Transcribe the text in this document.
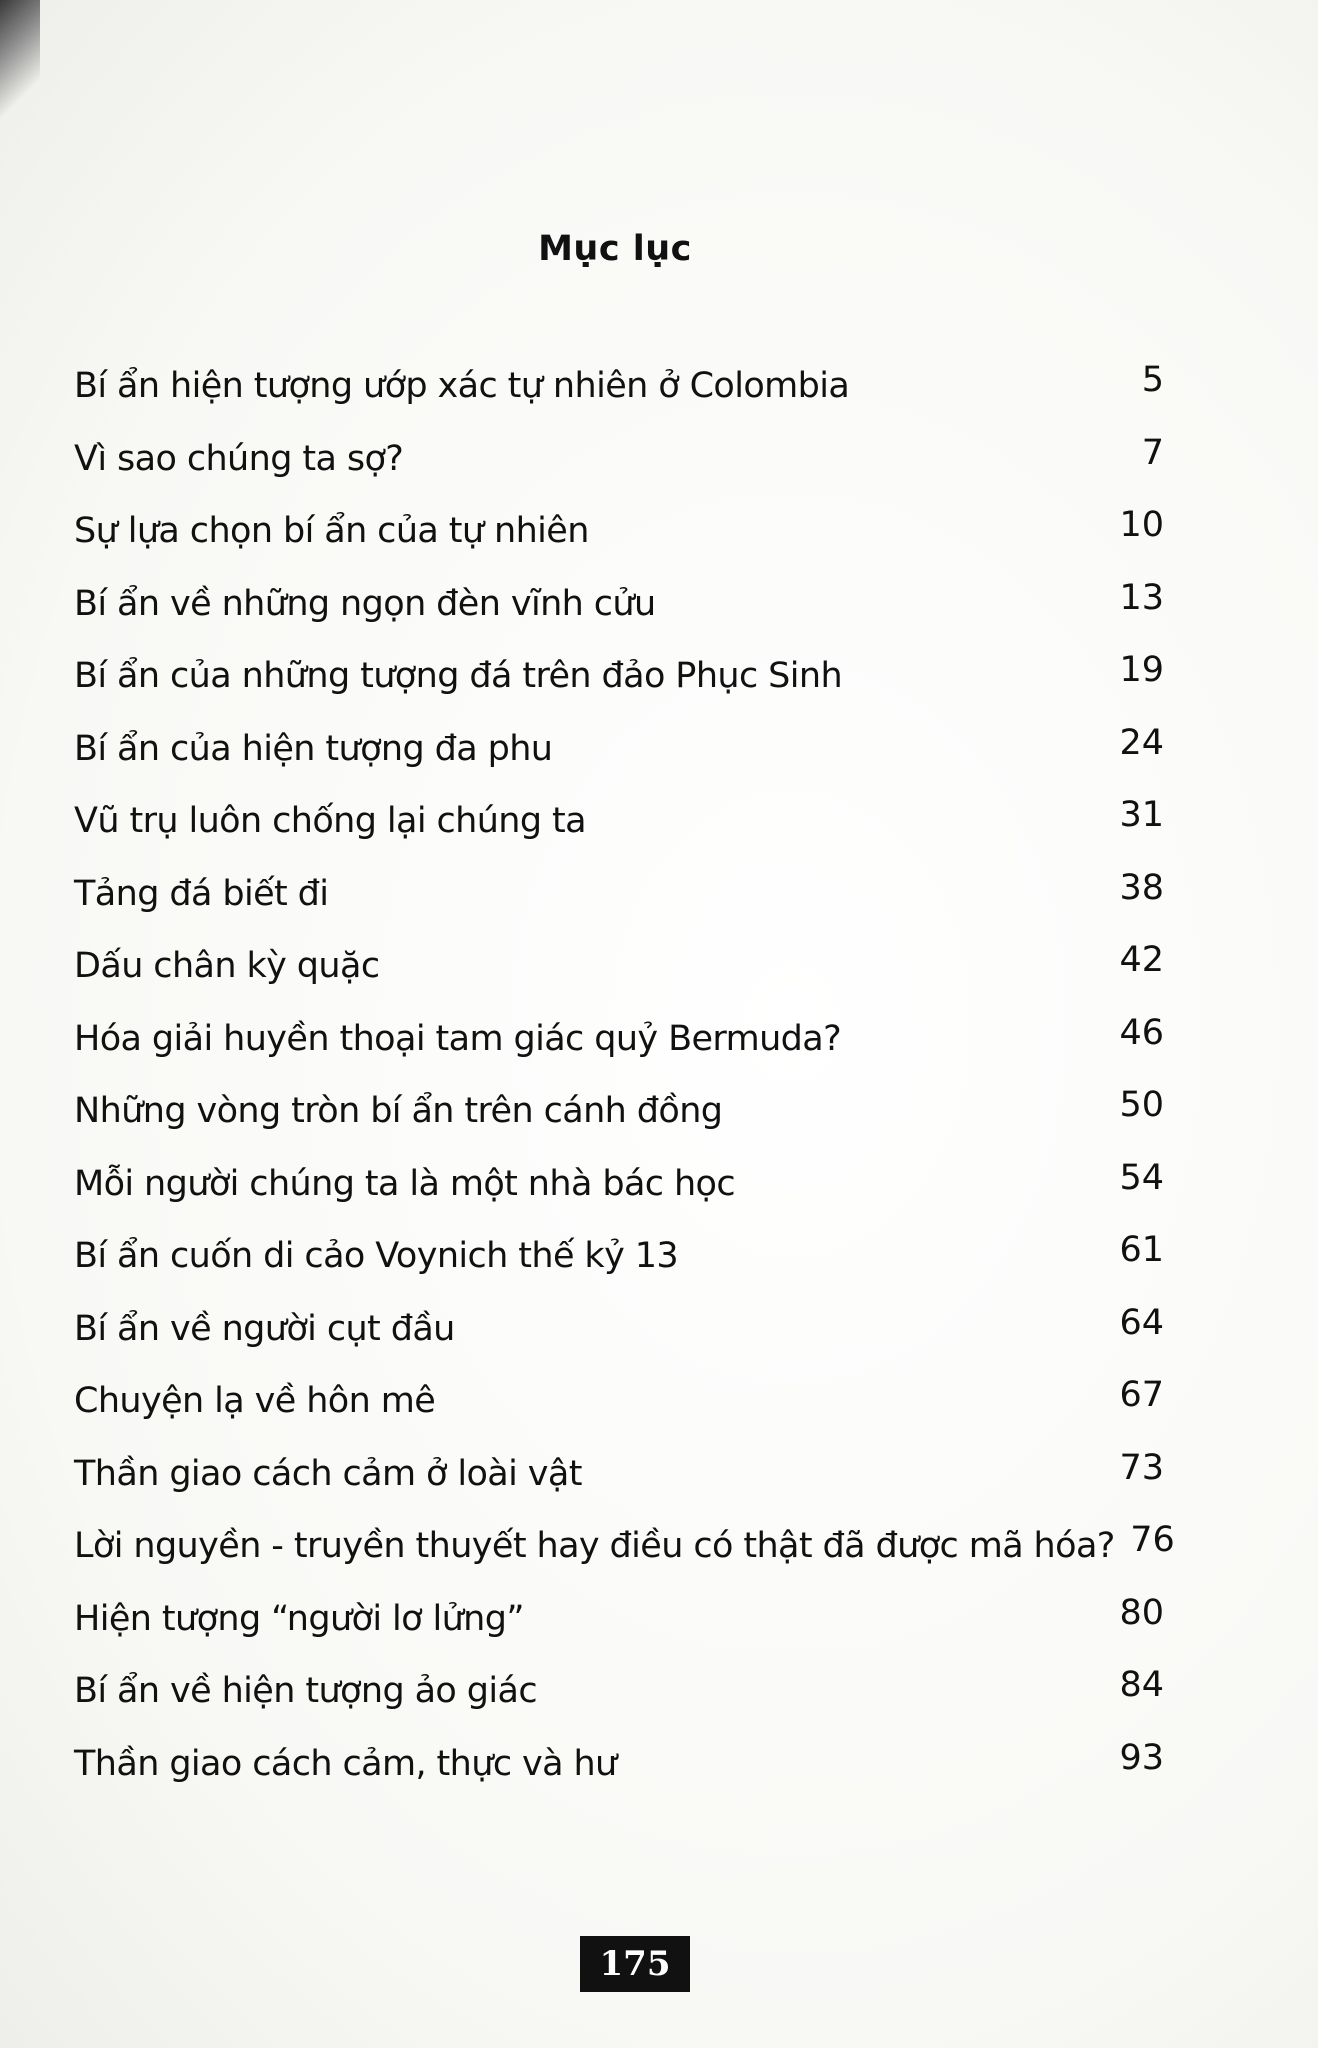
Mục lục
Bí ẩn hiện tượng ướp xác tự nhiên ở Colombia	5
Vì sao chúng ta sợ?	7
Sự lựa chọn bí ẩn của tự nhiên	10
Bí ẩn về những ngọn đèn vĩnh cửu	13
Bí ẩn của những tượng đá trên đảo Phục Sinh	19
Bí ẩn của hiện tượng đa phu	24
Vũ trụ luôn chống lại chúng ta	31
Tảng đá biết đi	38
Dấu chân kỳ quặc	42
Hóa giải huyền thoại tam giác quỷ Bermuda?	46
Những vòng tròn bí ẩn trên cánh đồng	50
Mỗi người chúng ta là một nhà bác học	54
Bí ẩn cuốn di cảo Voynich thế kỷ 13	61
Bí ẩn về người cụt đầu	64
Chuyện lạ về hôn mê	67
Thần giao cách cảm ở loài vật	73
Lời nguyền - truyền thuyết hay điều có thật đã được mã hóa? 76
Hiện tượng “người lơ lửng”	80
Bí ẩn về hiện tượng ảo giác	84
Thần giao cách cảm, thực và hư	93
175
